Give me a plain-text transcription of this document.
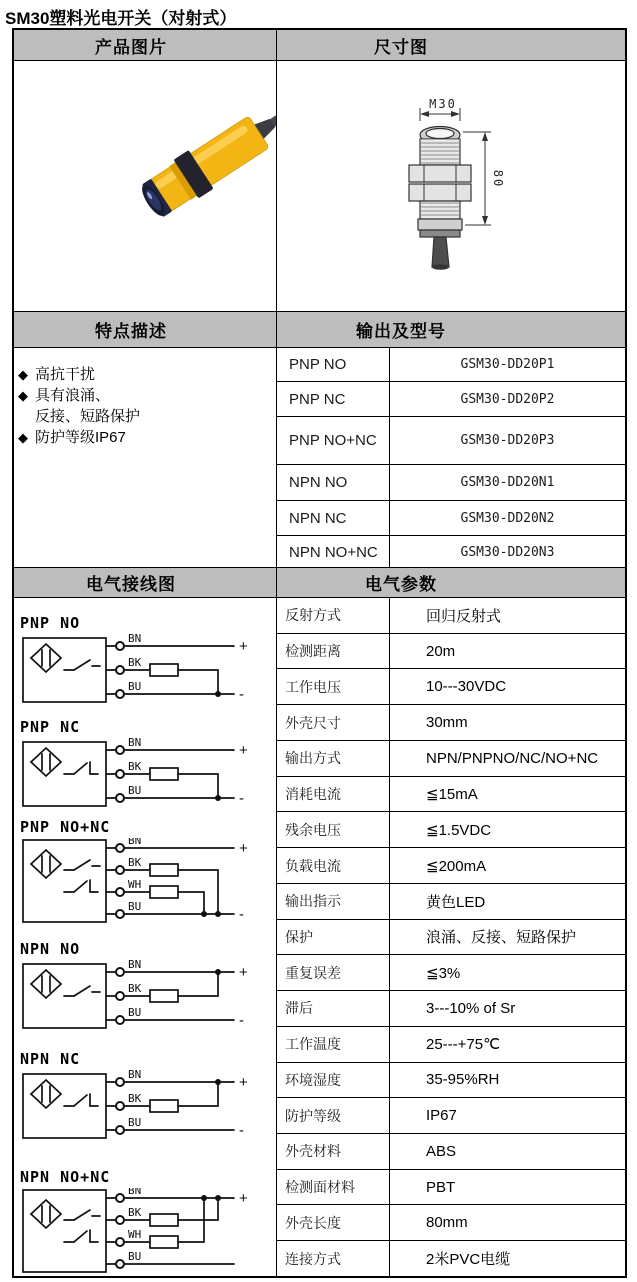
SM30塑料光电开关（对射式）
产品图片	尺寸图
M30
80
特点描述	输出及型号
◆ 高抗干扰
◆ 具有浪涌、
反接、短路保护
◆ 防护等级IP67
PNP NO	GSM30-DD20P1
PNP NC	GSM30-DD20P2
PNP NO+NC	GSM30-DD20P3
NPN NO	GSM30-DD20N1
NPN NC	GSM30-DD20N2
NPN NO+NC	GSM30-DD20N3
电气接线图	电气参数
PNP NO
BN
BK
BU
+
-
PNP NC
BN
BK
BU
+
-
PNP NO+NC
BN
BK
WH
BU
+
-
NPN NO
BN
BK
BU
+
-
NPN NC
BN
BK
BU
+
-
NPN NO+NC
BN
BK
WH
BU
+
反射方式	回归反射式
检测距离	20m
工作电压	10---30VDC
外壳尺寸	30mm
输出方式	NPN/PNPNO/NC/NO+NC
消耗电流	≦15mA
残余电压	≦1.5VDC
负载电流	≦200mA
输出指示	黄色LED
保护	浪涌、反接、短路保护
重复误差	≦3%
滞后	3---10% of Sr
工作温度	25---+75℃
环境湿度	35-95%RH
防护等级	IP67
外壳材料	ABS
检测面材料	PBT
外壳长度	80mm
连接方式	2米PVC电缆
